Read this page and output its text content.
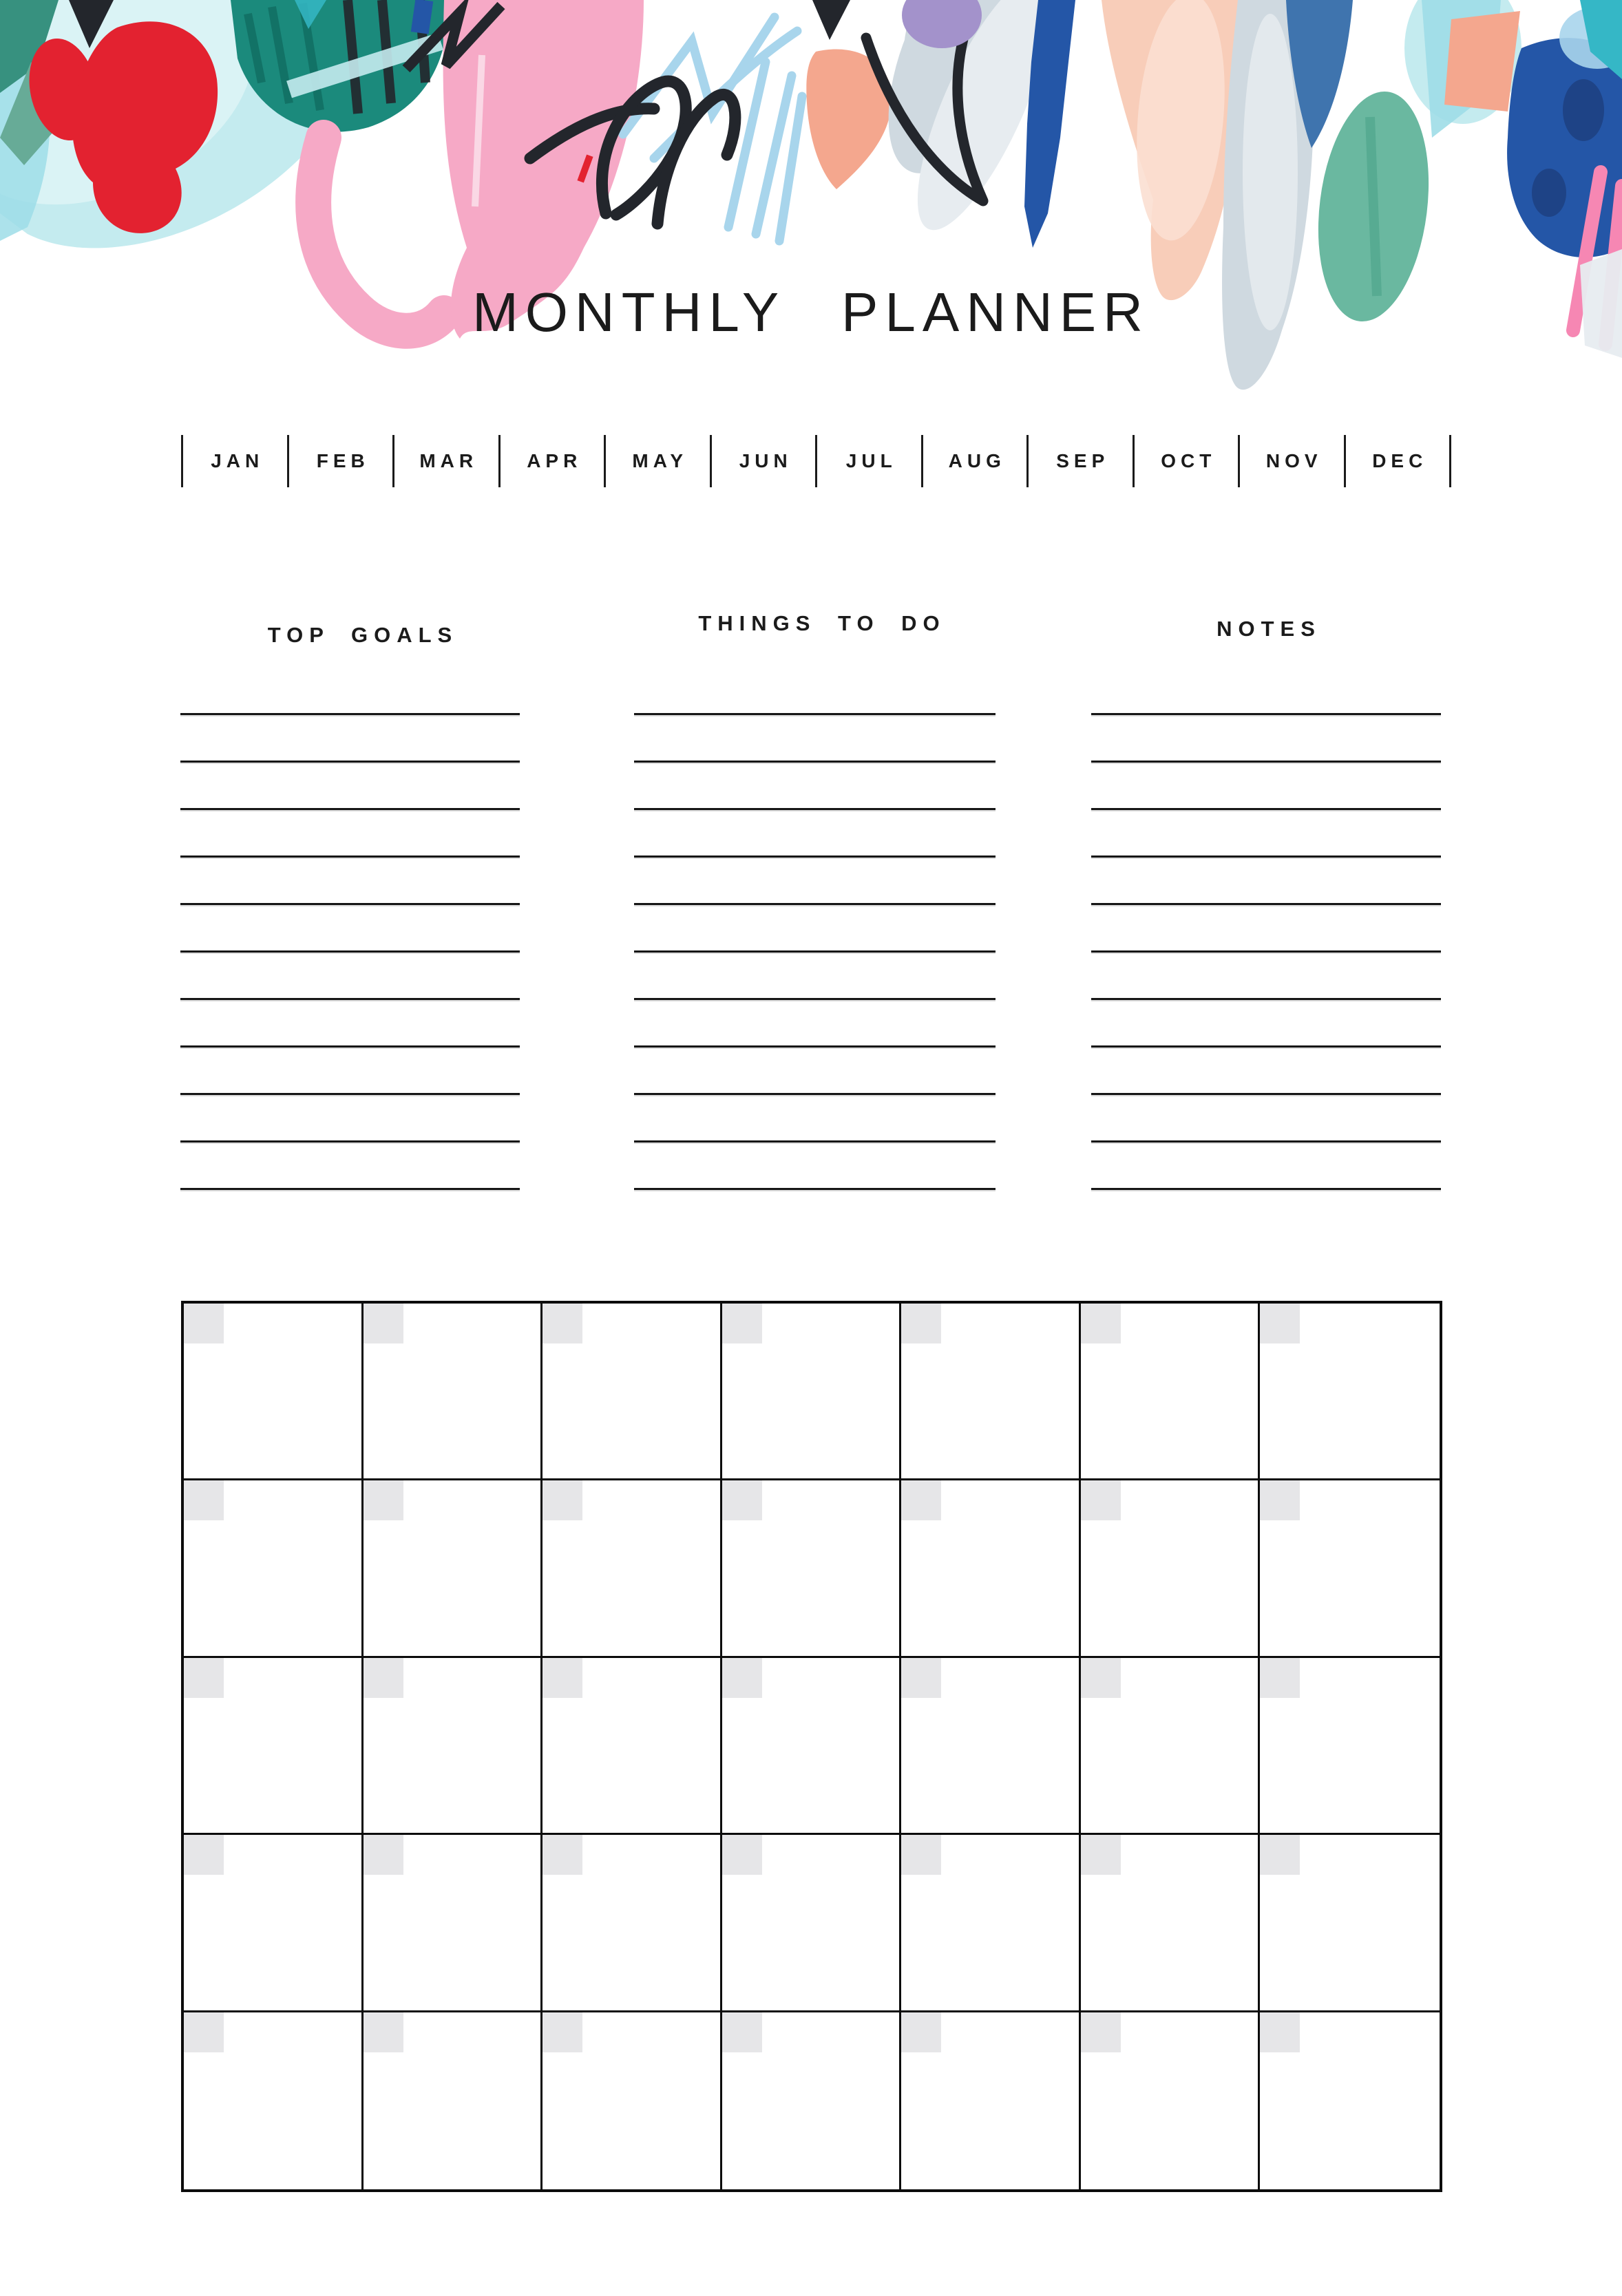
MONTHLY PLANNER
JAN	FEB	MAR	APR	MAY	JUN	JUL	AUG	SEP	OCT	NOV	DEC
TOP GOALS	THINGS TO DO	NOTES
